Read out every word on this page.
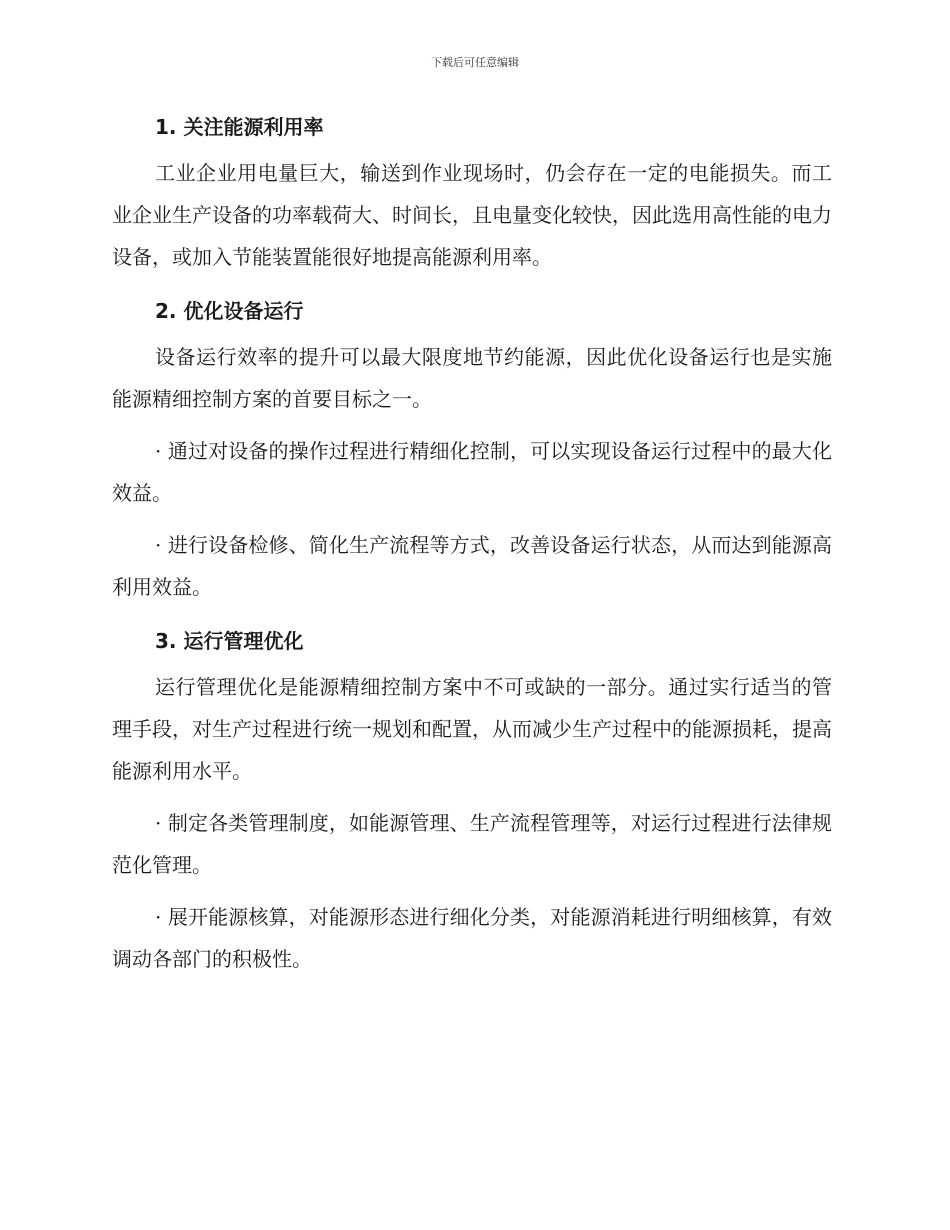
下载后可任意编辑
1. 关注能源利用率

工业企业用电量巨大，输送到作业现场时，仍会存在一定的电能损失。而工业企业生产设备的功率载荷大、时间长，且电量变化较快，因此选用高性能的电力设备，或加入节能装置能很好地提高能源利用率。

2. 优化设备运行

设备运行效率的提升可以最大限度地节约能源，因此优化设备运行也是实施能源精细控制方案的首要目标之一。

· 通过对设备的操作过程进行精细化控制，可以实现设备运行过程中的最大化效益。

· 进行设备检修、简化生产流程等方式，改善设备运行状态，从而达到能源高利用效益。

3. 运行管理优化

运行管理优化是能源精细控制方案中不可或缺的一部分。通过实行适当的管理手段，对生产过程进行统一规划和配置，从而减少生产过程中的能源损耗，提高能源利用水平。

· 制定各类管理制度，如能源管理、生产流程管理等，对运行过程进行法律规范化管理。

· 展开能源核算，对能源形态进行细化分类，对能源消耗进行明细核算，有效调动各部门的积极性。
